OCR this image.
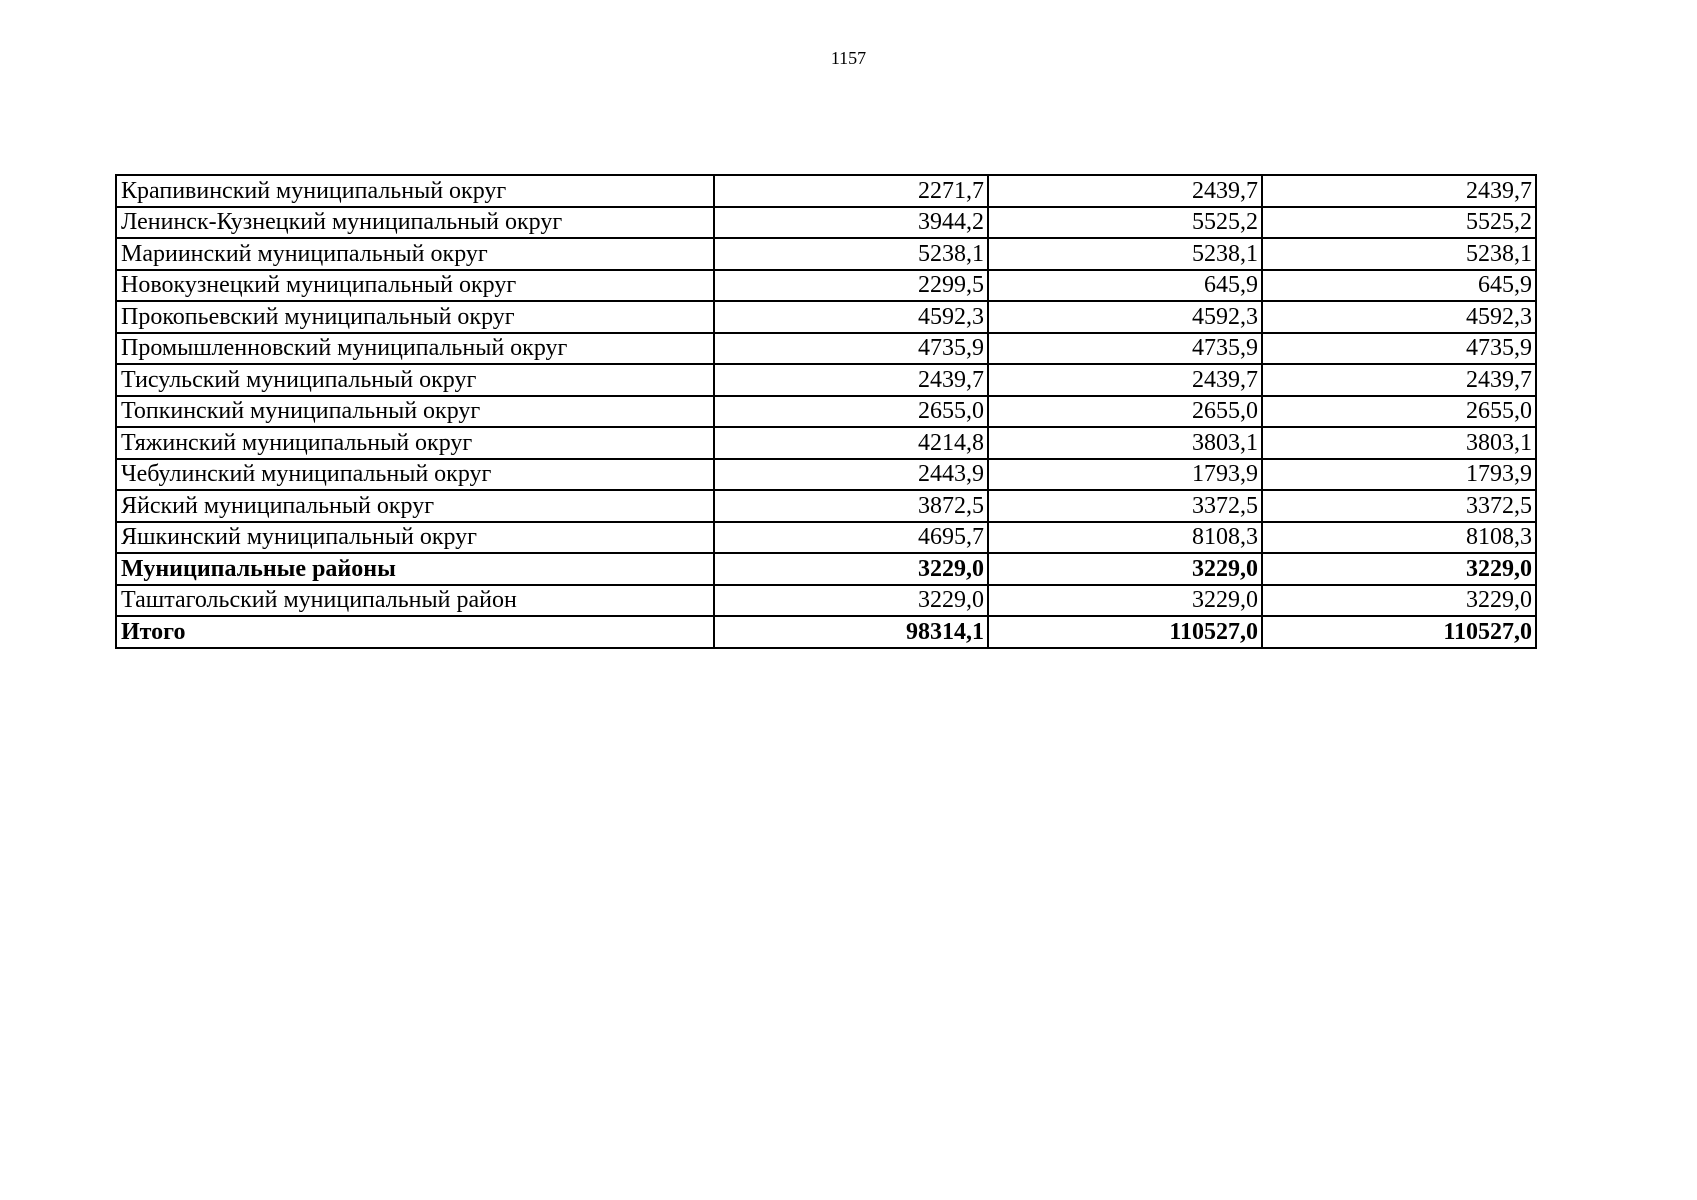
1157
Крапивинский муниципальный округ	2271,7	2439,7	2439,7
Ленинск-Кузнецкий муниципальный округ	3944,2	5525,2	5525,2
Мариинский муниципальный округ	5238,1	5238,1	5238,1
Новокузнецкий муниципальный округ	2299,5	645,9	645,9
Прокопьевский муниципальный округ	4592,3	4592,3	4592,3
Промышленновский муниципальный округ	4735,9	4735,9	4735,9
Тисульский муниципальный округ	2439,7	2439,7	2439,7
Топкинский муниципальный округ	2655,0	2655,0	2655,0
Тяжинский муниципальный округ	4214,8	3803,1	3803,1
Чебулинский муниципальный округ	2443,9	1793,9	1793,9
Яйский муниципальный округ	3872,5	3372,5	3372,5
Яшкинский муниципальный округ	4695,7	8108,3	8108,3
Муниципальные районы	3229,0	3229,0	3229,0
Таштагольский муниципальный район	3229,0	3229,0	3229,0
Итого	98314,1	110527,0	110527,0
